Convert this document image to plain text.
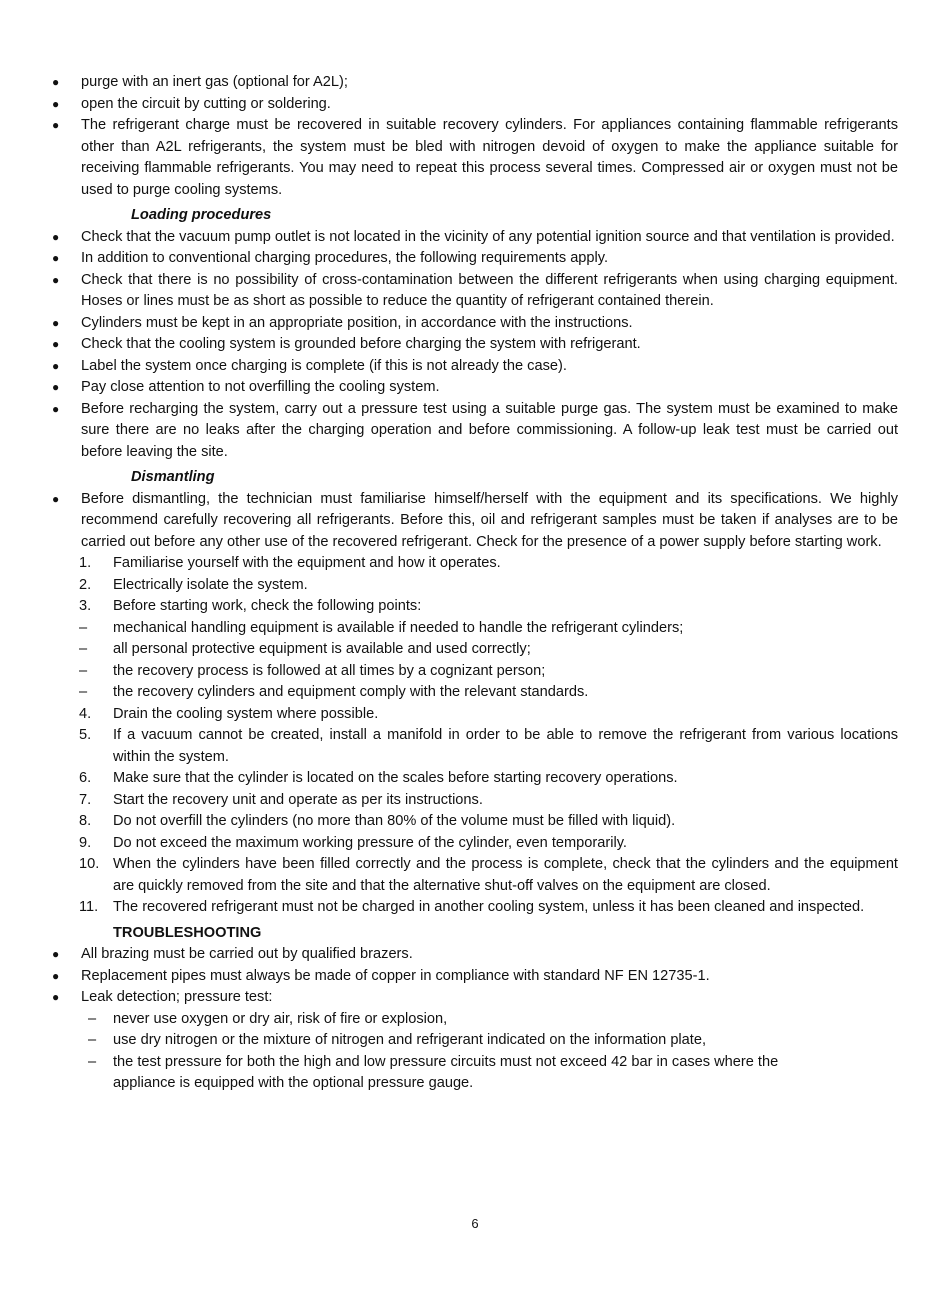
●	purge with an inert gas (optional for A2L);
●	open the circuit by cutting or soldering.
●	The refrigerant charge must be recovered in suitable recovery cylinders. For appliances containing flammable refrigerants other than A2L refrigerants, the system must be bled with nitrogen devoid of oxygen to make the appliance suitable for receiving flammable refrigerants. You may need to repeat this process several times. Compressed air or oxygen must not be used to purge cooling systems.
Loading procedures
●	Check that the vacuum pump outlet is not located in the vicinity of any potential ignition source and that ventilation is provided.
●	In addition to conventional charging procedures, the following requirements apply.
●	Check that there is no possibility of cross-contamination between the different refrigerants when using charging equipment. Hoses or lines must be as short as possible to reduce the quantity of refrigerant contained therein.
●	Cylinders must be kept in an appropriate position, in accordance with the instructions.
●	Check that the cooling system is grounded before charging the system with refrigerant.
●	Label the system once charging is complete (if this is not already the case).
●	Pay close attention to not overfilling the cooling system.
●	Before recharging the system, carry out a pressure test using a suitable purge gas. The system must be examined to make sure there are no leaks after the charging operation and before commissioning. A follow-up leak test must be carried out before leaving the site.
Dismantling
●	Before dismantling, the technician must familiarise himself/herself with the equipment and its specifications. We highly recommend carefully recovering all refrigerants. Before this, oil and refrigerant samples must be taken if analyses are to be carried out before any other use of the recovered refrigerant. Check for the presence of a power supply before starting work.
1.	Familiarise yourself with the equipment and how it operates.
2.	Electrically isolate the system.
3.	Before starting work, check the following points:
–	mechanical handling equipment is available if needed to handle the refrigerant cylinders;
–	all personal protective equipment is available and used correctly;
–	the recovery process is followed at all times by a cognizant person;
–	the recovery cylinders and equipment comply with the relevant standards.
4.	Drain the cooling system where possible.
5.	If a vacuum cannot be created, install a manifold in order to be able to remove the refrigerant from various locations within the system.
6.	Make sure that the cylinder is located on the scales before starting recovery operations.
7.	Start the recovery unit and operate as per its instructions.
8.	Do not overfill the cylinders (no more than 80% of the volume must be filled with liquid).
9.	Do not exceed the maximum working pressure of the cylinder, even temporarily.
10. When the cylinders have been filled correctly and the process is complete, check that the cylinders and the equipment are quickly removed from the site and that the alternative shut-off valves on the equipment are closed.
11.	The recovered refrigerant must not be charged in another cooling system, unless it has been cleaned and inspected.
TROUBLESHOOTING
●	All brazing must be carried out by qualified brazers.
●	Replacement pipes must always be made of copper in compliance with standard NF EN 12735-1.
●	Leak detection; pressure test:
–	never use oxygen or dry air, risk of fire or explosion,
–	use dry nitrogen or the mixture of nitrogen and refrigerant indicated on the information plate,
–	the test pressure for both the high and low pressure circuits must not exceed 42 bar in cases where the appliance is equipped with the optional pressure gauge.
6
